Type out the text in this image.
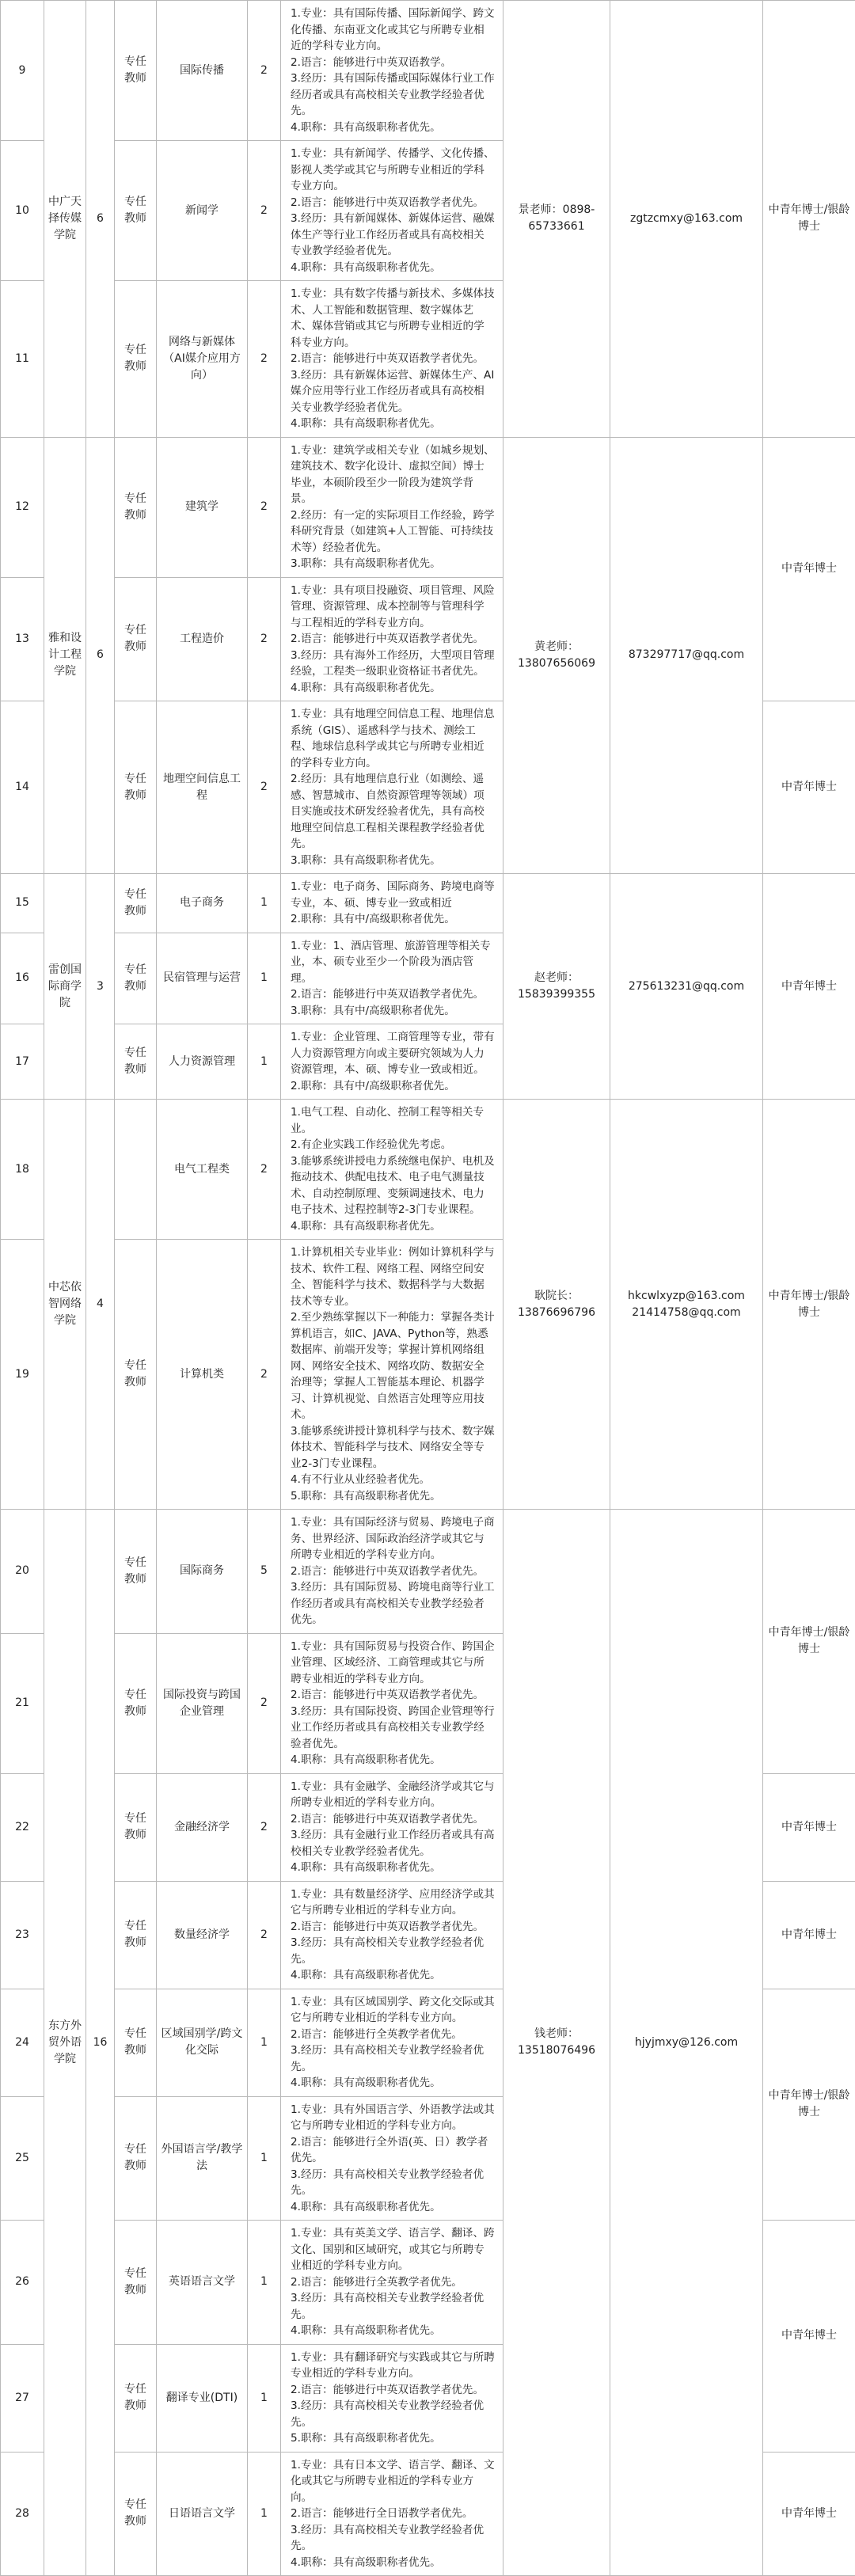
9	中广天择传媒学院	6	专任
教师	国际传播	2	1.专业：具有国际传播、国际新闻学、跨文化传播、东南亚文化或其它与所聘专业相近的学科专业方向。
2.语言：能够进行中英双语教学。
3.经历：具有国际传播或国际媒体行业工作经历者或具有高校相关专业教学经验者优先。
4.职称：具有高级职称者优先。	景老师：0898-65733661	zgtzcmxy@163.com	中青年博士/银龄博士
10			专任
教师	新闻学	2	1.专业：具有新闻学、传播学、文化传播、影视人类学或其它与所聘专业相近的学科专业方向。
2.语言：能够进行中英双语教学者优先。
3.经历：具有新闻媒体、新媒体运营、融媒体生产等行业工作经历者或具有高校相关专业教学经验者优先。
4.职称：具有高级职称者优先。			

11			专任
教师	网络与新媒体（AI媒介应用方向）	2	1.专业：具有数字传播与新技术、多媒体技术、人工智能和数据管理、数字媒体艺术、媒体营销或其它与所聘专业相近的学科专业方向。
2.语言：能够进行中英双语教学者优先。
3.经历：具有新媒体运营、新媒体生产、AI媒介应用等行业工作经历者或具有高校相关专业教学经验者优先。
4.职称：具有高级职称者优先。			

12	雅和设计工程学院	6	专任
教师	建筑学	2	1.专业：建筑学或相关专业（如城乡规划、建筑技术、数字化设计、虚拟空间）博士毕业，本硕阶段至少一阶段为建筑学背景。
2.经历：有一定的实际项目工作经验，跨学科研究背景（如建筑+人工智能、可持续技术等）经验者优先。
3.职称：具有高级职称者优先。	黄老师：13807656069	873297717@qq.com	中青年博士
13			专任
教师	工程造价	2	1.专业：具有项目投融资、项目管理、风险管理、资源管理、成本控制等与管理科学与工程相近的学科专业方向。
2.语言：能够进行中英双语教学者优先。
3.经历：具有海外工作经历，大型项目管理经验，工程类一级职业资格证书者优先。
4.职称：具有高级职称者优先。			

14			专任
教师	地理空间信息工程	2	1.专业：具有地理空间信息工程、地理信息系统（GIS）、遥感科学与技术、测绘工程、地球信息科学或其它与所聘专业相近的学科专业方向。
2.经历：具有地理信息行业（如测绘、遥感、智慧城市、自然资源管理等领域）项目实施或技术研发经验者优先，具有高校地理空间信息工程相关课程教学经验者优先。
3.职称：具有高级职称者优先。			中青年博士
15	雷创国际商学院	3	专任
教师	电子商务	1	1.专业：电子商务、国际商务、跨境电商等专业，本、硕、博专业一致或相近
2.职称：具有中/高级职称者优先。	赵老师：15839399355	275613231@qq.com	中青年博士
16			专任
教师	民宿管理与运营	1	1.专业：1、酒店管理、旅游管理等相关专业，本、硕专业至少一个阶段为酒店管理。
2.语言：能够进行中英双语教学者优先。
3.职称：具有中/高级职称者优先。			

17			专任
教师	人力资源管理	1	1.专业：企业管理、工商管理等专业，带有人力资源管理方向或主要研究领域为人力资源管理，本、硕、博专业一致或相近。
2.职称：具有中/高级职称者优先。			

18	中芯依智网络学院	4		电气工程类	2	1.电气工程、自动化、控制工程等相关专业。
2.有企业实践工作经验优先考虑。
3.能够系统讲授电力系统继电保护、电机及拖动技术、供配电技术、电子电气测量技术、自动控制原理、变频调速技术、电力电子技术、过程控制等2-3门专业课程。
4.职称：具有高级职称者优先。	耿院长：13876696796	hkcwlxyzp@163.com
21414758@qq.com	中青年博士/银龄博士
19			专任
教师	计算机类	2	1.计算机相关专业毕业：例如计算机科学与技术、软件工程、网络工程、网络空间安全、智能科学与技术、数据科学与大数据技术等专业。
2.至少熟练掌握以下一种能力：掌握各类计算机语言，如C、JAVA、Python等，熟悉数据库、前端开发等；掌握计算机网络组网、网络安全技术、网络攻防、数据安全治理等；掌握人工智能基本理论、机器学习、计算机视觉、自然语言处理等应用技术。
3.能够系统讲授计算机科学与技术、数字媒体技术、智能科学与技术、网络安全等专业2-3门专业课程。
4.有不行业从业经验者优先。
5.职称：具有高级职称者优先。			

20	东方外贸外语学院	16	专任
教师	国际商务	5	1.专业：具有国际经济与贸易、跨境电子商务、世界经济、国际政治经济学或其它与所聘专业相近的学科专业方向。
2.语言：能够进行中英双语教学者优先。
3.经历：具有国际贸易、跨境电商等行业工作经历者或具有高校相关专业教学经验者优先。	钱老师：13518076496	hjyjmxy@126.com	中青年博士/银龄博士
21			专任
教师	国际投资与跨国企业管理	2	1.专业：具有国际贸易与投资合作、跨国企业管理、区域经济、工商管理或其它与所聘专业相近的学科专业方向。
2.语言：能够进行中英双语教学者优先。
3.经历：具有国际投资、跨国企业管理等行业工作经历者或具有高校相关专业教学经验者优先。
4.职称：具有高级职称者优先。			

22			专任
教师	金融经济学	2	1.专业：具有金融学、金融经济学或其它与所聘专业相近的学科专业方向。
2.语言：能够进行中英双语教学者优先。
3.经历：具有金融行业工作经历者或具有高校相关专业教学经验者优先。
4.职称：具有高级职称者优先。			中青年博士
23			专任
教师	数量经济学	2	1.专业：具有数量经济学、应用经济学或其它与所聘专业相近的学科专业方向。
2.语言：能够进行中英双语教学者优先。
3.经历：具有高校相关专业教学经验者优先。
4.职称：具有高级职称者优先。			中青年博士
24			专任
教师	区域国别学/跨文化交际	1	1.专业：具有区域国别学、跨文化交际或其它与所聘专业相近的学科专业方向。
2.语言：能够进行全英教学者优先。
3.经历：具有高校相关专业教学经验者优先。
4.职称：具有高级职称者优先。			中青年博士/银龄博士
25			专任
教师	外国语言学/教学法	1	1.专业：具有外国语言学、外语教学法或其它与所聘专业相近的学科专业方向。
2.语言：能够进行全外语(英、日）教学者优先。
3.经历：具有高校相关专业教学经验者优先。
4.职称：具有高级职称者优先。			

26			专任
教师	英语语言文学	1	1.专业：具有英美文学、语言学、翻译、跨文化、国别和区域研究，或其它与所聘专业相近的学科专业方向。
2.语言：能够进行全英教学者优先。
3.经历：具有高校相关专业教学经验者优先。
4.职称：具有高级职称者优先。			中青年博士
27			专任
教师	翻译专业(DTI)	1	1.专业：具有翻译研究与实践或其它与所聘专业相近的学科专业方向。
2.语言：能够进行中英双语教学者优先。
3.经历：具有高校相关专业教学经验者优先。
5.职称：具有高级职称者优先。			

28			专任
教师	日语语言文学	1	1.专业：具有日本文学、语言学、翻译、文化或其它与所聘专业相近的学科专业方向。
2.语言：能够进行全日语教学者优先。
3.经历：具有高校相关专业教学经验者优先。
4.职称：具有高级职称者优先。			中青年博士
